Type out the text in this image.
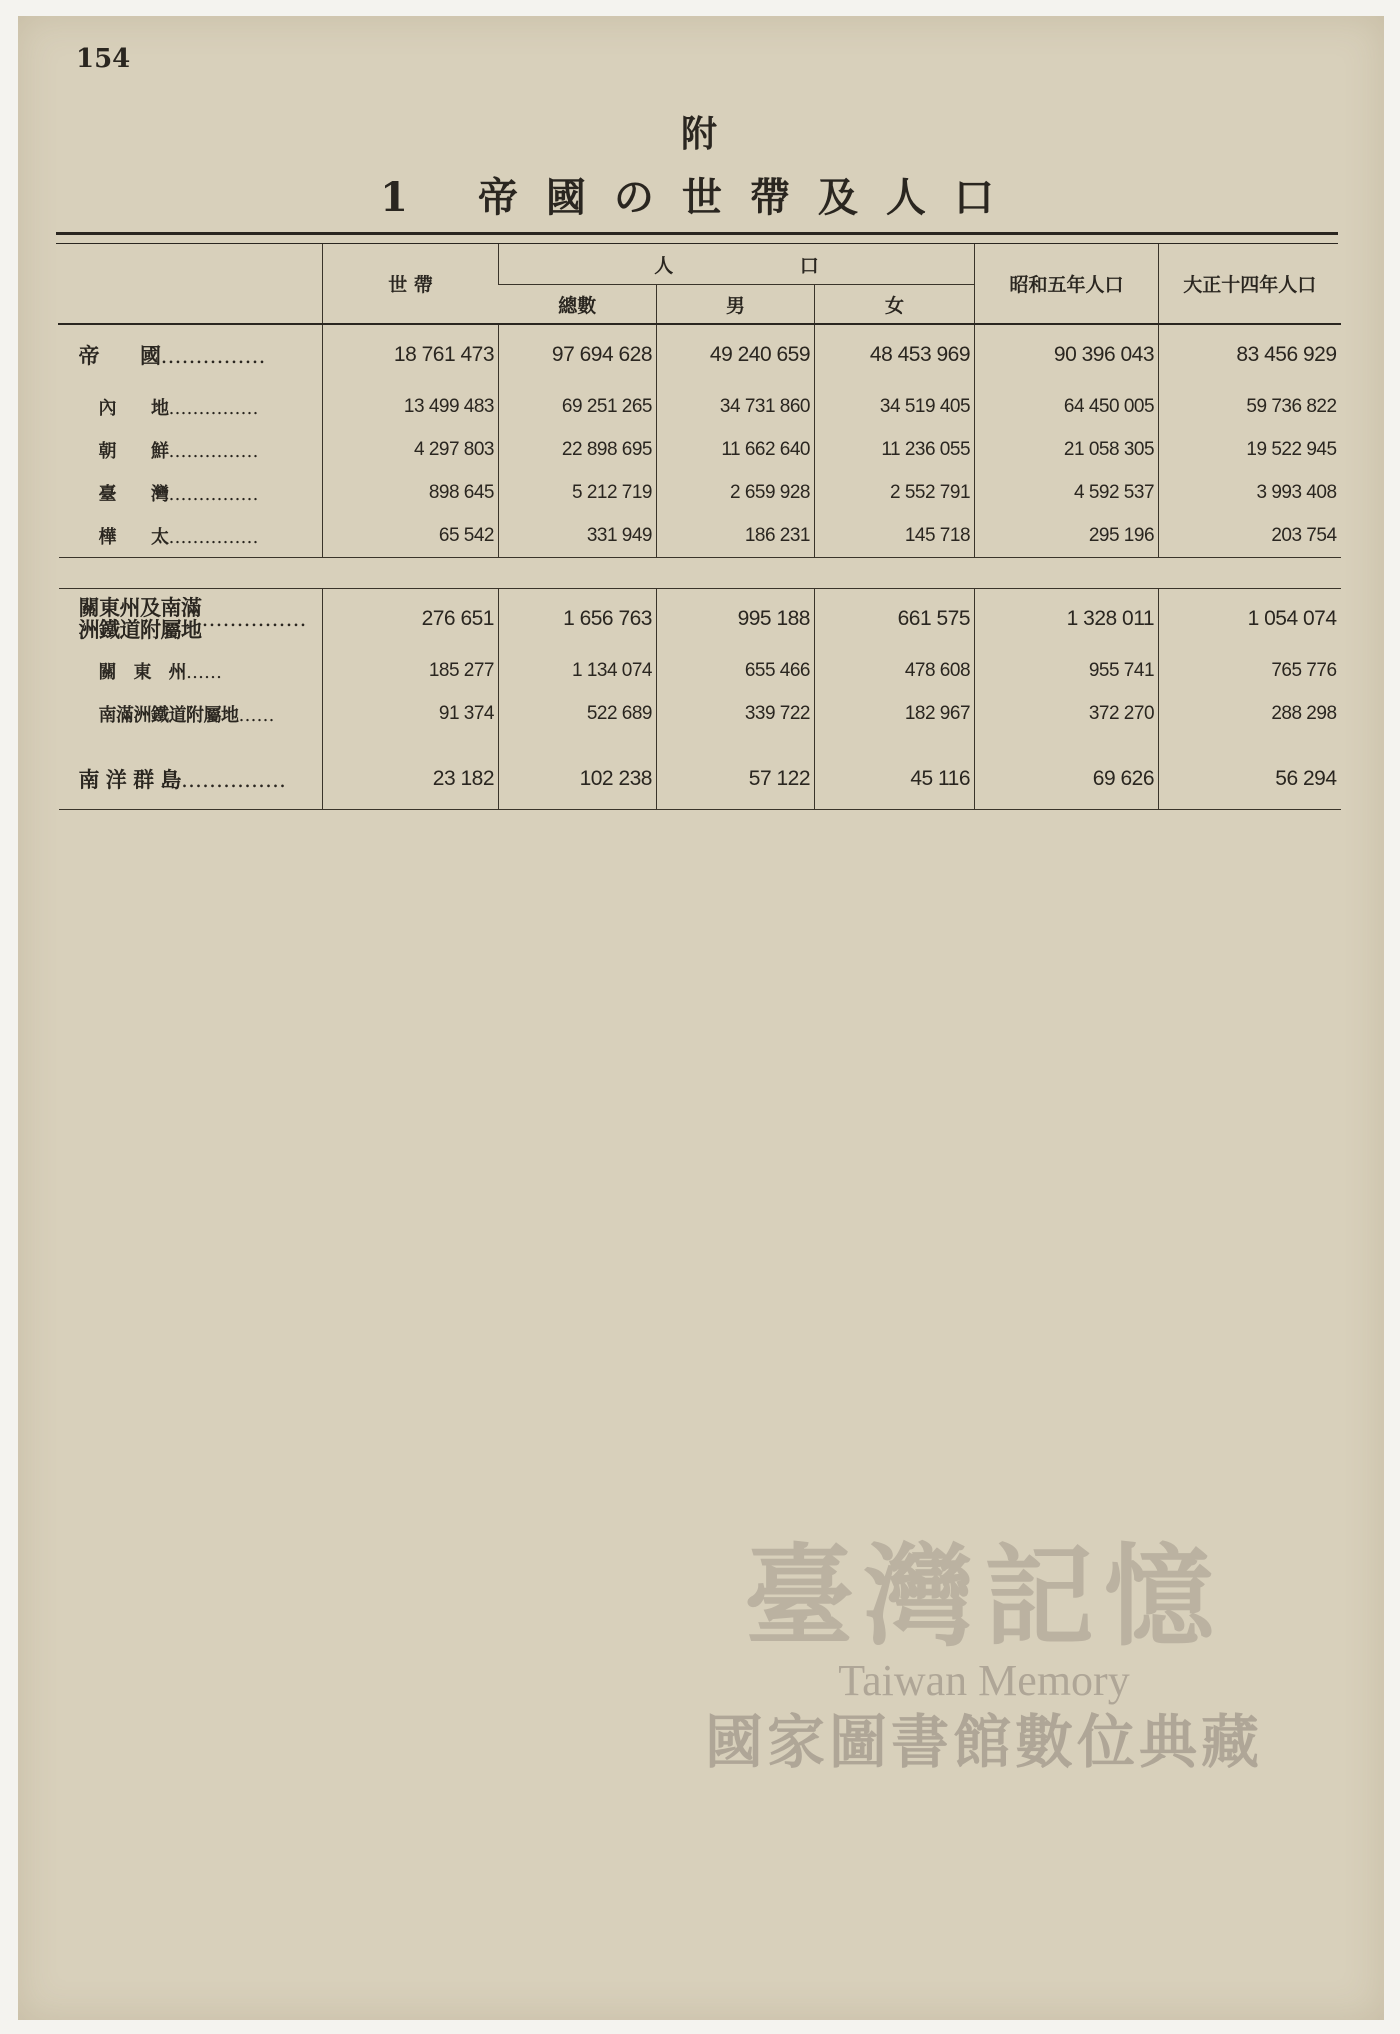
154
附
1 帝國の世帶及人口
	世 帶	人 口			昭和五年人口	大正十四年人口
		總數	男	女		

帝　　國……………	18 761 473	97 694 628	49 240 659	48 453 969	90 396 043	83 456 929
內　　地……………	13 499 483	69 251 265	34 731 860	34 519 405	64 450 005	59 736 822
朝　　鮮……………	4 297 803	22 898 695	11 662 640	11 236 055	21 058 305	19 522 945
臺　　灣……………	898 645	5 212 719	2 659 928	2 552 791	4 592 537	3 993 408
樺　　太……………	65 542	331 949	186 231	145 718	295 196	203 754

關東州及南滿
洲鐵道附屬地……………	276 651	1 656 763	995 188	661 575	1 328 011	1 054 074
關　東　州……	185 277	1 134 074	655 466	478 608	955 741	765 776
南滿洲鐵道附屬地……	91 374	522 689	339 722	182 967	372 270	288 298

南 洋 群 島……………	23 182	102 238	57 122	45 116	69 626	56 294
臺灣記憶
Taiwan Memory
國家圖書館數位典藏
